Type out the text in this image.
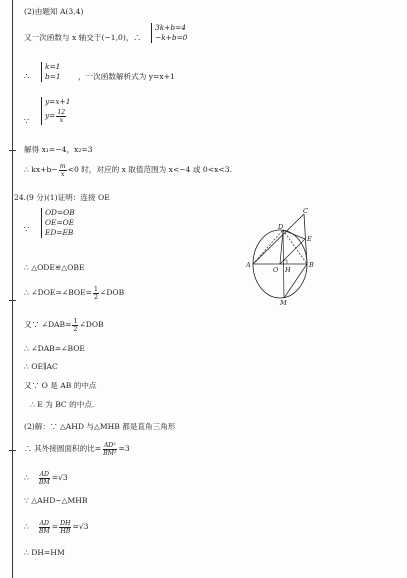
(2)由题知 A(3,4)
又一次函数与 x 轴交于(−1,0)，∴
3k+b=4
−k+b=0
∴
k=1
b=1 ，一次函数解析式为 y=x+1
∵
y=x+1
$y= \frac{12}{x}$
解得 x₁=−4，x₂=3
∴ $kx+b- \frac{m}{x} <0$ 时，对应的 x 取值范围为 x<−4 或 0<x<3.
24.(9 分)(1)证明：连接 OE
∵
OD=OB
OE=OE
ED=EB
∴ △ODE≌△OBE
∴ ∠DOE=∠BOE= $\frac{1}{2}$ ∠DOB
又∵ ∠DAB= $\frac{1}{2}$ ∠DOB
∴ ∠DAB=∠BOE
∴ OE∥AC
又∵ O 是 AB 的中点
∴ E 为 BC 的中点.
(2)解：∵ △AHD 与△MHB 都是直角三角形
∴ 其外接圆面积的比= $\frac{\text{AD²}}{\text{BM²}} =3$
∴ $\frac{AD}{BM} =√3$
∵ △AHD∽△MHB
∴ $\frac{AD}{BM} = \frac{DH}{HB} =√3$
∴ DH=HM
A	B
C
D
E
O H
M
